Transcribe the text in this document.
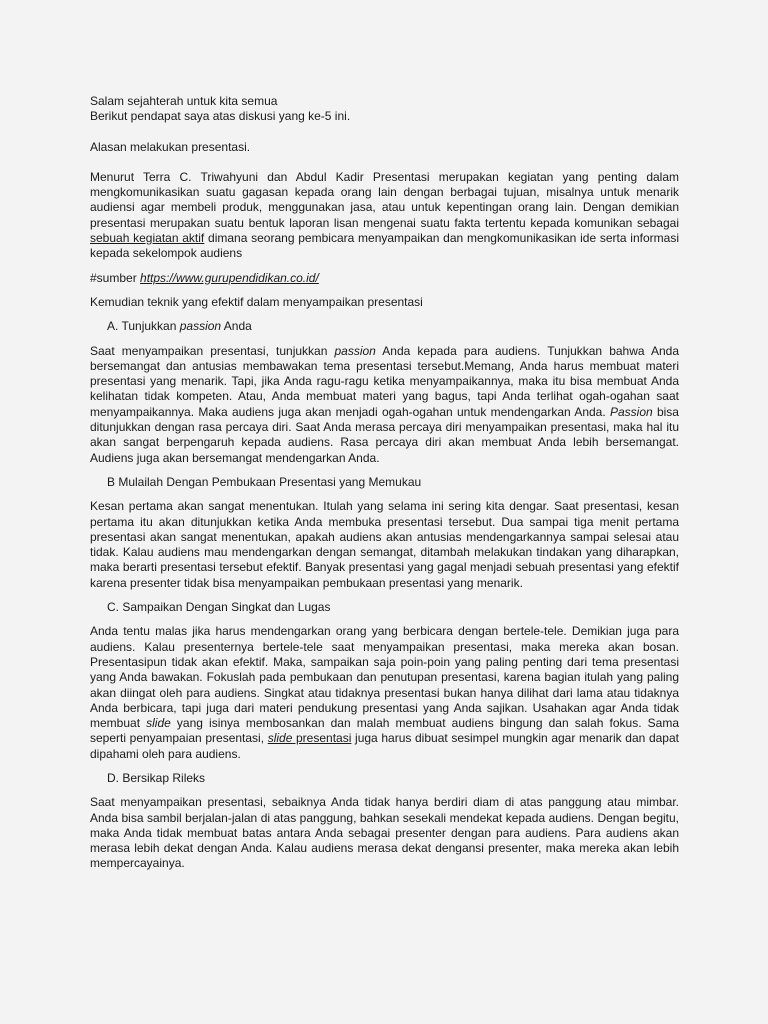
Salam sejahterah untuk kita semua

Berikut pendapat saya atas diskusi yang ke-5 ini.

Alasan melakukan presentasi.

Menurut Terra C. Triwahyuni dan Abdul Kadir Presentasi merupakan kegiatan yang penting dalam mengkomunikasikan suatu gagasan kepada orang lain dengan berbagai tujuan, misalnya untuk menarik audiensi agar membeli produk, menggunakan jasa, atau untuk kepentingan orang lain. Dengan demikian presentasi merupakan suatu bentuk laporan lisan mengenai suatu fakta tertentu kepada komunikan sebagai sebuah kegiatan aktif dimana seorang pembicara menyampaikan dan mengkomunikasikan ide serta informasi kepada sekelompok audiens

#sumber https://www.gurupendidikan.co.id/

Kemudian teknik yang efektif dalam menyampaikan presentasi

A. Tunjukkan passion Anda

Saat menyampaikan presentasi, tunjukkan passion Anda kepada para audiens. Tunjukkan bahwa Anda bersemangat dan antusias membawakan tema presentasi tersebut.Memang, Anda harus membuat materi presentasi yang menarik. Tapi, jika Anda ragu-ragu ketika menyampaikannya, maka itu bisa membuat Anda kelihatan tidak kompeten. Atau, Anda membuat materi yang bagus, tapi Anda terlihat ogah-ogahan saat menyampaikannya. Maka audiens juga akan menjadi ogah-ogahan untuk mendengarkan Anda. Passion bisa ditunjukkan dengan rasa percaya diri. Saat Anda merasa percaya diri menyampaikan presentasi, maka hal itu akan sangat berpengaruh kepada audiens. Rasa percaya diri akan membuat Anda lebih bersemangat. Audiens juga akan bersemangat mendengarkan Anda.

B Mulailah Dengan Pembukaan Presentasi yang Memukau

Kesan pertama akan sangat menentukan. Itulah yang selama ini sering kita dengar. Saat presentasi, kesan pertama itu akan ditunjukkan ketika Anda membuka presentasi tersebut. Dua sampai tiga menit pertama presentasi akan sangat menentukan, apakah audiens akan antusias mendengarkannya sampai selesai atau tidak. Kalau audiens mau mendengarkan dengan semangat, ditambah melakukan tindakan yang diharapkan, maka berarti presentasi tersebut efektif. Banyak presentasi yang gagal menjadi sebuah presentasi yang efektif karena presenter tidak bisa menyampaikan pembukaan presentasi yang menarik.

C. Sampaikan Dengan Singkat dan Lugas

Anda tentu malas jika harus mendengarkan orang yang berbicara dengan bertele-tele. Demikian juga para audiens. Kalau presenternya bertele-tele saat menyampaikan presentasi, maka mereka akan bosan. Presentasipun tidak akan efektif. Maka, sampaikan saja poin-poin yang paling penting dari tema presentasi yang Anda bawakan. Fokuslah pada pembukaan dan penutupan presentasi, karena bagian itulah yang paling akan diingat oleh para audiens. Singkat atau tidaknya presentasi bukan hanya dilihat dari lama atau tidaknya Anda berbicara, tapi juga dari materi pendukung presentasi yang Anda sajikan. Usahakan agar Anda tidak membuat slide yang isinya membosankan dan malah membuat audiens bingung dan salah fokus. Sama seperti penyampaian presentasi, slide presentasi juga harus dibuat sesimpel mungkin agar menarik dan dapat dipahami oleh para audiens.

D. Bersikap Rileks

Saat menyampaikan presentasi, sebaiknya Anda tidak hanya berdiri diam di atas panggung atau mimbar. Anda bisa sambil berjalan-jalan di atas panggung, bahkan sesekali mendekat kepada audiens. Dengan begitu, maka Anda tidak membuat batas antara Anda sebagai presenter dengan para audiens. Para audiens akan merasa lebih dekat dengan Anda. Kalau audiens merasa dekat dengansi presenter, maka mereka akan lebih mempercayainya.
